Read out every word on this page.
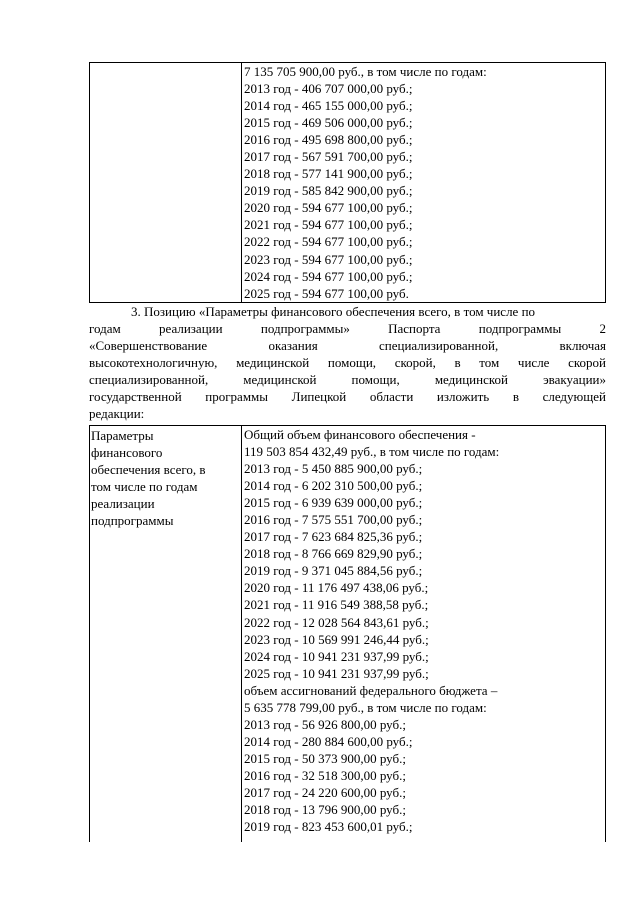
7 135 705 900,00 руб., в том числе по годам:
2013 год - 406 707 000,00 руб.;
2014 год - 465 155 000,00 руб.;
2015 год - 469 506 000,00 руб.;
2016 год - 495 698 800,00 руб.;
2017 год - 567 591 700,00 руб.;
2018 год - 577 141 900,00 руб.;
2019 год - 585 842 900,00 руб.;
2020 год - 594 677 100,00 руб.;
2021 год - 594 677 100,00 руб.;
2022 год - 594 677 100,00 руб.;
2023 год - 594 677 100,00 руб.;
2024 год - 594 677 100,00 руб.;
2025 год - 594 677 100,00 руб.
3. Позицию «Параметры финансового обеспечения всего, в том числе по
годам реализации подпрограммы» Паспорта подпрограммы 2
«Совершенствование оказания специализированной, включая
высокотехнологичную, медицинской помощи, скорой, в том числе скорой
специализированной, медицинской помощи, медицинской эвакуации»
государственной программы Липецкой области изложить в следующей
редакции:
Параметры
финансового
обеспечения всего, в
том числе по годам
реализации
подпрограммы
Общий объем финансового обеспечения -
119 503 854 432,49 руб., в том числе по годам:
2013 год - 5 450 885 900,00 руб.;
2014 год - 6 202 310 500,00 руб.;
2015 год - 6 939 639 000,00 руб.;
2016 год - 7 575 551 700,00 руб.;
2017 год - 7 623 684 825,36 руб.;
2018 год - 8 766 669 829,90 руб.;
2019 год - 9 371 045 884,56 руб.;
2020 год - 11 176 497 438,06 руб.;
2021 год - 11 916 549 388,58 руб.;
2022 год - 12 028 564 843,61 руб.;
2023 год - 10 569 991 246,44 руб.;
2024 год - 10 941 231 937,99 руб.;
2025 год - 10 941 231 937,99 руб.;
объем ассигнований федерального бюджета –
5 635 778 799,00 руб., в том числе по годам:
2013 год - 56 926 800,00 руб.;
2014 год - 280 884 600,00 руб.;
2015 год - 50 373 900,00 руб.;
2016 год - 32 518 300,00 руб.;
2017 год - 24 220 600,00 руб.;
2018 год - 13 796 900,00 руб.;
2019 год - 823 453 600,01 руб.;
